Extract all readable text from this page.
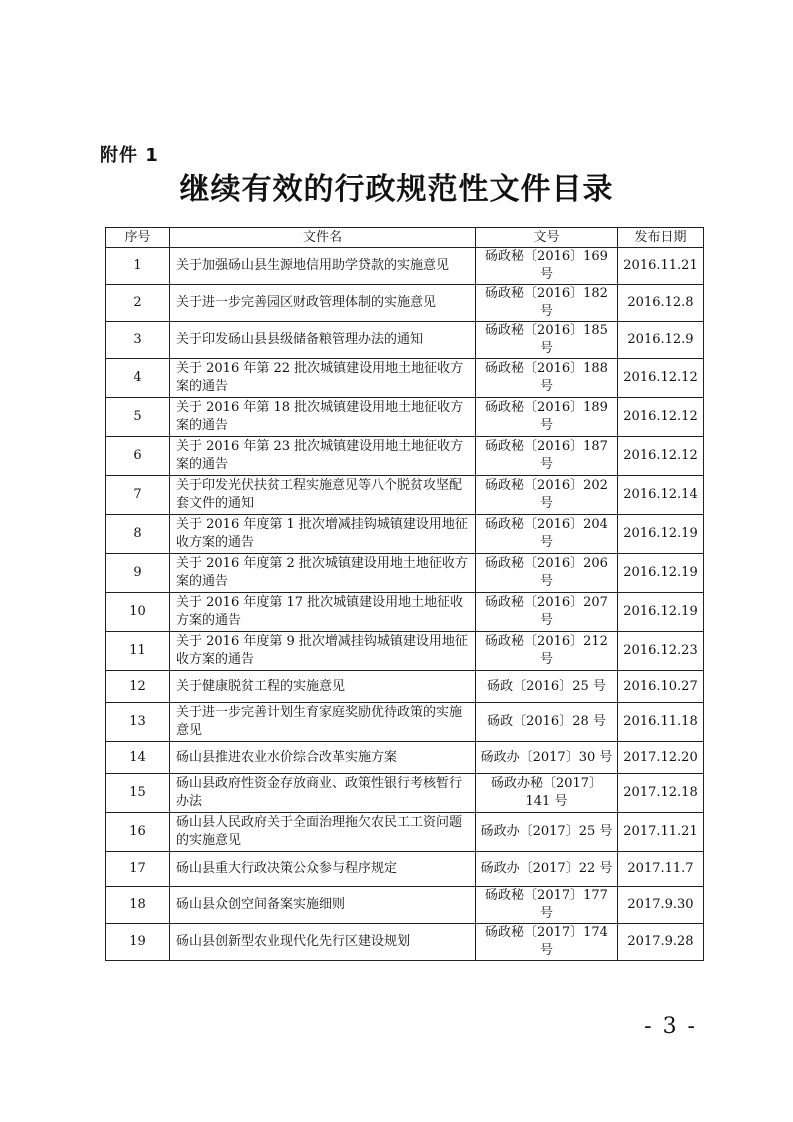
附件 1
继续有效的行政规范性文件目录
序号	文件名	文号	发布日期
1	关于加强砀山县生源地信用助学贷款的实施意见	砀政秘〔2016〕169 号	2016.11.21
2	关于进一步完善园区财政管理体制的实施意见	砀政秘〔2016〕182 号	2016.12.8
3	关于印发砀山县县级储备粮管理办法的通知	砀政秘〔2016〕185 号	2016.12.9
4	关于 2016 年第 22 批次城镇建设用地土地征收方案的通告	砀政秘〔2016〕188 号	2016.12.12
5	关于 2016 年第 18 批次城镇建设用地土地征收方案的通告	砀政秘〔2016〕189 号	2016.12.12
6	关于 2016 年第 23 批次城镇建设用地土地征收方案的通告	砀政秘〔2016〕187 号	2016.12.12
7	关于印发光伏扶贫工程实施意见等八个脱贫攻坚配套文件的通知	砀政秘〔2016〕202 号	2016.12.14
8	关于 2016 年度第 1 批次增减挂钩城镇建设用地征收方案的通告	砀政秘〔2016〕204 号	2016.12.19
9	关于 2016 年度第 2 批次城镇建设用地土地征收方案的通告	砀政秘〔2016〕206 号	2016.12.19
10	关于 2016 年度第 17 批次城镇建设用地土地征收方案的通告	砀政秘〔2016〕207 号	2016.12.19
11	关于 2016 年度第 9 批次增减挂钩城镇建设用地征收方案的通告	砀政秘〔2016〕212 号	2016.12.23
12	关于健康脱贫工程的实施意见	砀政〔2016〕25 号	2016.10.27
13	关于进一步完善计划生育家庭奖励优待政策的实施意见	砀政〔2016〕28 号	2016.11.18
14	砀山县推进农业水价综合改革实施方案	砀政办〔2017〕30 号	2017.12.20
15	砀山县政府性资金存放商业、政策性银行考核暂行办法	砀政办秘〔2017〕141 号	2017.12.18
16	砀山县人民政府关于全面治理拖欠农民工工资问题的实施意见	砀政办〔2017〕25 号	2017.11.21
17	砀山县重大行政决策公众参与程序规定	砀政办〔2017〕22 号	2017.11.7
18	砀山县众创空间备案实施细则	砀政秘〔2017〕177 号	2017.9.30
19	砀山县创新型农业现代化先行区建设规划	砀政秘〔2017〕174 号	2017.9.28
- 3 -
